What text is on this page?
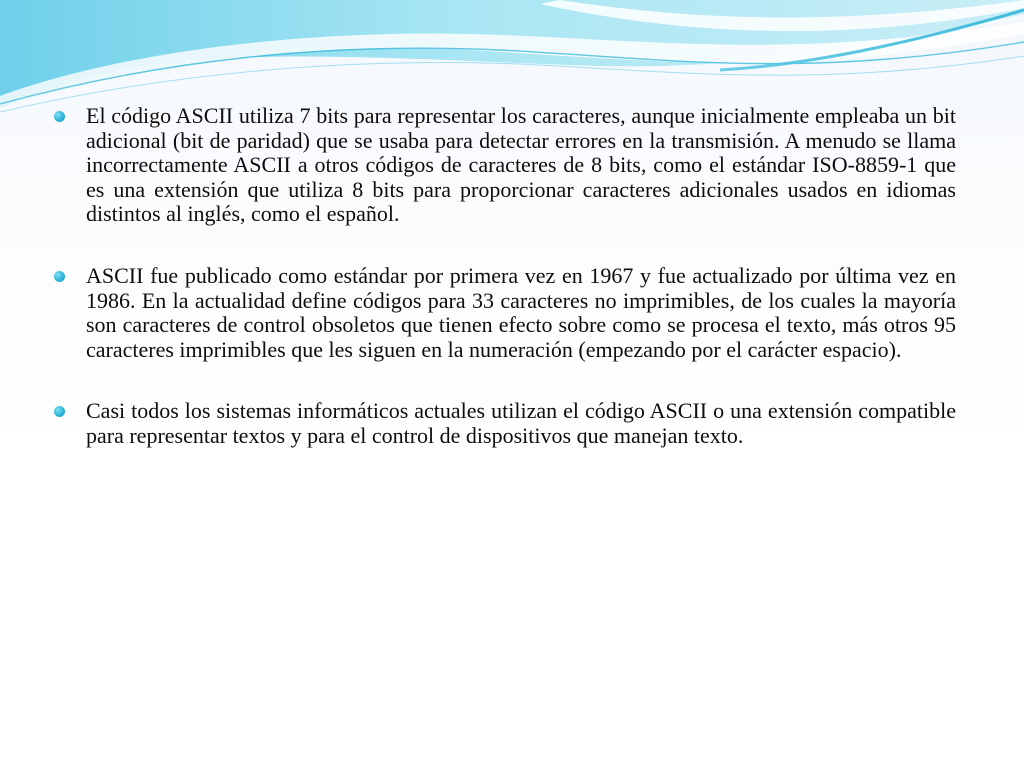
El código ASCII utiliza 7 bits para representar los caracteres, aunque inicialmente empleaba un bit adicional (bit de paridad) que se usaba para detectar errores en la transmisión. A menudo se llama incorrectamente ASCII a otros códigos de caracteres de 8 bits, como el estándar ISO-8859-1 que es una extensión que utiliza 8 bits para proporcionar caracteres adicionales usados en idiomas distintos al inglés, como el español.
ASCII fue publicado como estándar por primera vez en 1967 y fue actualizado por última vez en 1986. En la actualidad define códigos para 33 caracteres no imprimibles, de los cuales la mayoría son caracteres de control obsoletos que tienen efecto sobre como se procesa el texto, más otros 95 caracteres imprimibles que les siguen en la numeración (empezando por el carácter espacio).
Casi todos los sistemas informáticos actuales utilizan el código ASCII o una extensión compatible para representar textos y para el control de dispositivos que manejan texto.
